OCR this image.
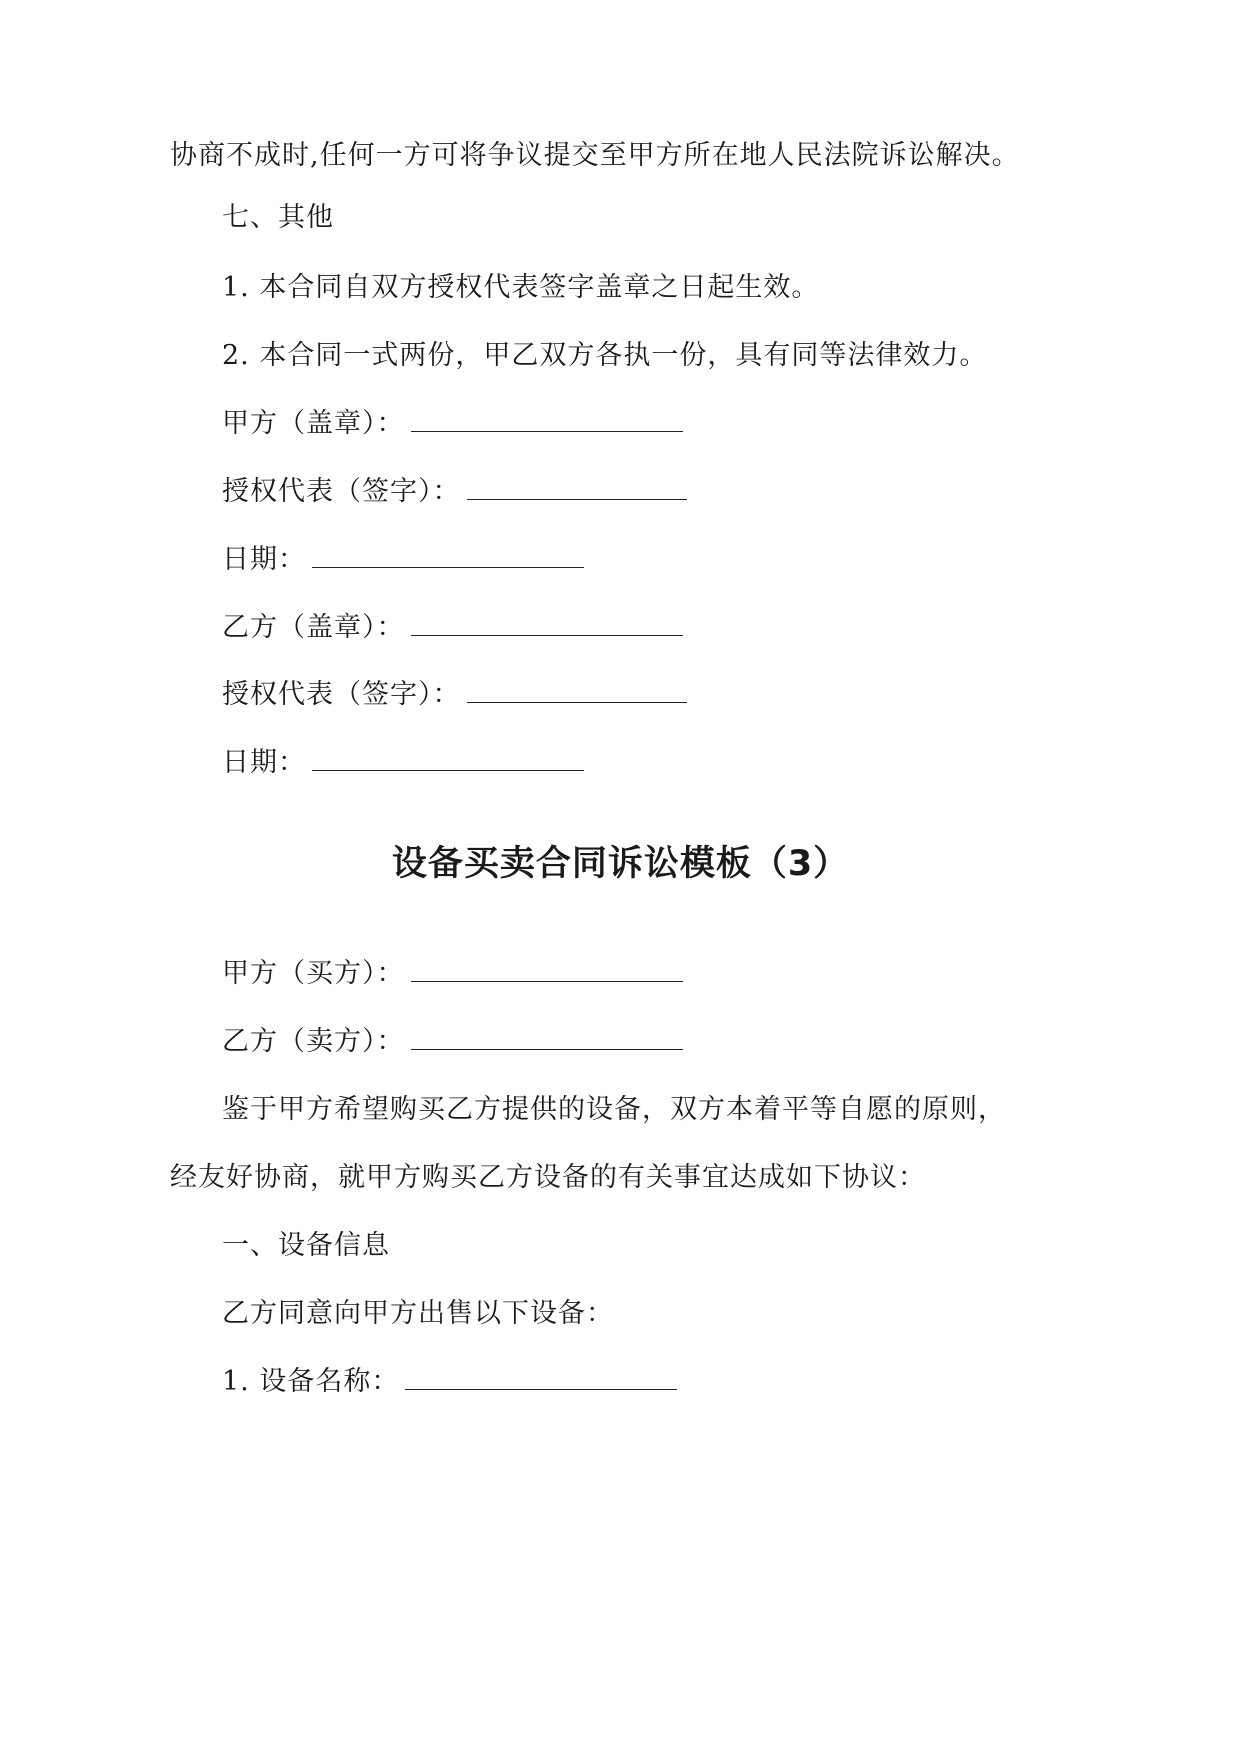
协商不成时,任何一方可将争议提交至甲方所在地人民法院诉讼解决。
七、其他
1. 本合同自双方授权代表签字盖章之日起生效。
2. 本合同一式两份，甲乙双方各执一份，具有同等法律效力。
甲方（盖章）：
授权代表（签字）：
日期：
乙方（盖章）：
授权代表（签字）：
日期：
设备买卖合同诉讼模板（3）
甲方（买方）：
乙方（卖方）：
鉴于甲方希望购买乙方提供的设备，双方本着平等自愿的原则，
经友好协商，就甲方购买乙方设备的有关事宜达成如下协议：
一、设备信息
乙方同意向甲方出售以下设备：
1. 设备名称：
